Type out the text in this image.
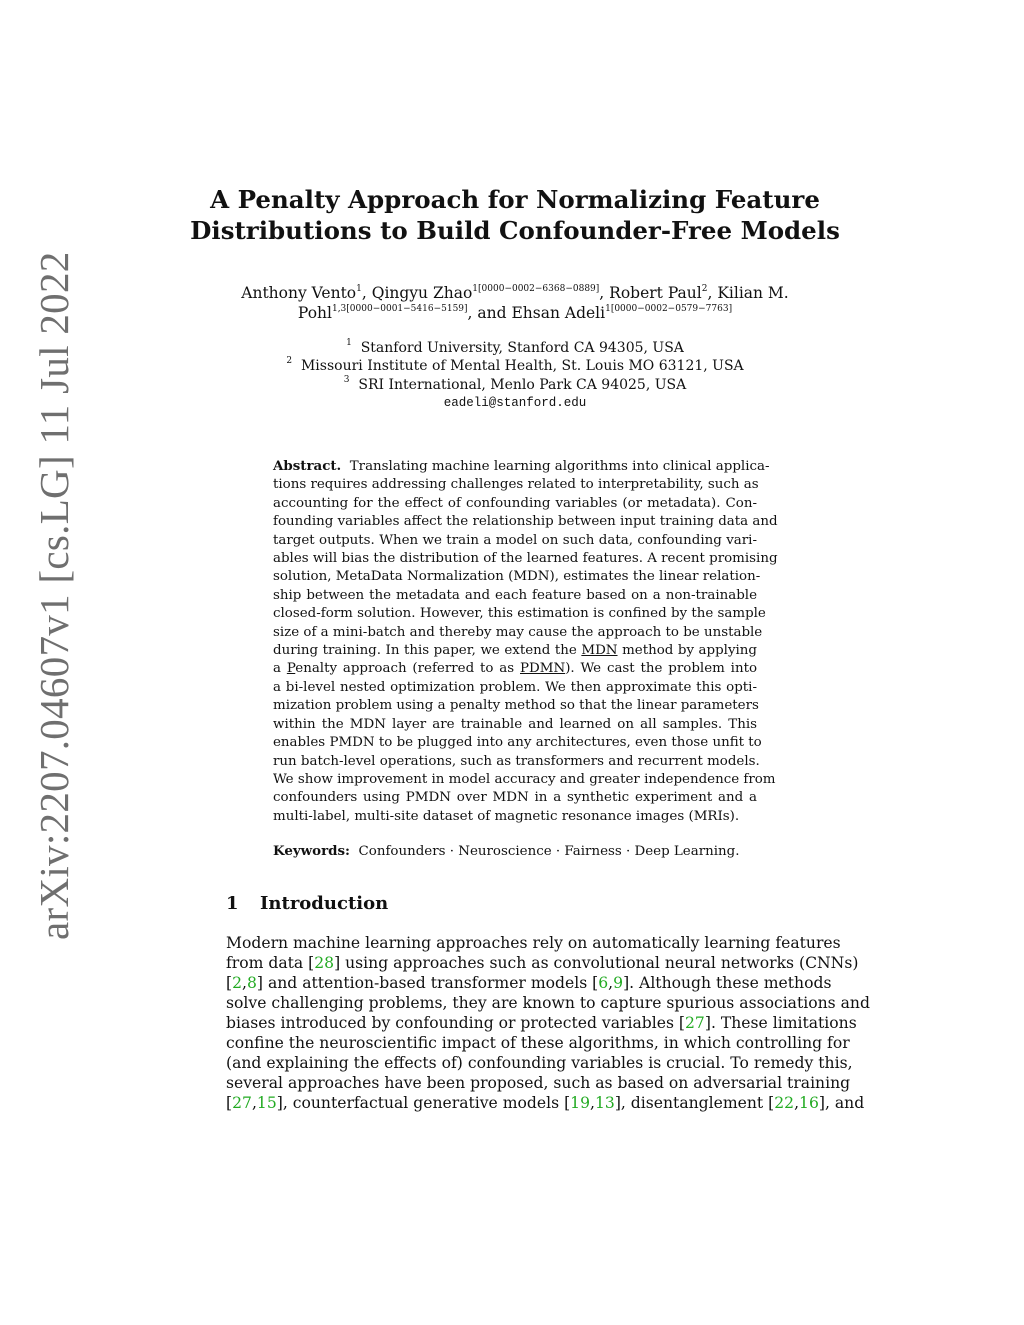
arXiv:2207.04607v1 [cs.LG] 11 Jul 2022
A Penalty Approach for Normalizing Feature
Distributions to Build Confounder-Free Models
Anthony Vento$^1$, Qingyu Zhao$^{1[0000-0002-6368-0889]}$, Robert Paul$^2$, Kilian M.
Pohl$^{1,3[0000-0001-5416-5159]}$, and Ehsan Adeli$^{1[0000-0002-0579-7763]}$
$^1$ Stanford University, Stanford CA 94305, USA
$^2$ Missouri Institute of Mental Health, St. Louis MO 63121, USA
$^3$ SRI International, Menlo Park CA 94025, USA
eadeli@stanford.edu
Abstract. Translating machine learning algorithms into clinical applica-
tions requires addressing challenges related to interpretability, such as
accounting for the effect of confounding variables (or metadata). Con-
founding variables affect the relationship between input training data and
target outputs. When we train a model on such data, confounding vari-
ables will bias the distribution of the learned features. A recent promising
solution, MetaData Normalization (MDN), estimates the linear relation-
ship between the metadata and each feature based on a non-trainable
closed-form solution. However, this estimation is confined by the sample
size of a mini-batch and thereby may cause the approach to be unstable
during training. In this paper, we extend the MDN method by applying
a Penalty approach (referred to as PDMN). We cast the problem into
a bi-level nested optimization problem. We then approximate this opti-
mization problem using a penalty method so that the linear parameters
within the MDN layer are trainable and learned on all samples. This
enables PMDN to be plugged into any architectures, even those unfit to
run batch-level operations, such as transformers and recurrent models.
We show improvement in model accuracy and greater independence from
confounders using PMDN over MDN in a synthetic experiment and a
multi-label, multi-site dataset of magnetic resonance images (MRIs).
Keywords: Confounders · Neuroscience · Fairness · Deep Learning.
1 Introduction
Modern machine learning approaches rely on automatically learning features
from data [28] using approaches such as convolutional neural networks (CNNs)
[2,8] and attention-based transformer models [6,9]. Although these methods
solve challenging problems, they are known to capture spurious associations and
biases introduced by confounding or protected variables [27]. These limitations
confine the neuroscientific impact of these algorithms, in which controlling for
(and explaining the effects of) confounding variables is crucial. To remedy this,
several approaches have been proposed, such as based on adversarial training
[27,15], counterfactual generative models [19,13], disentanglement [22,16], and
